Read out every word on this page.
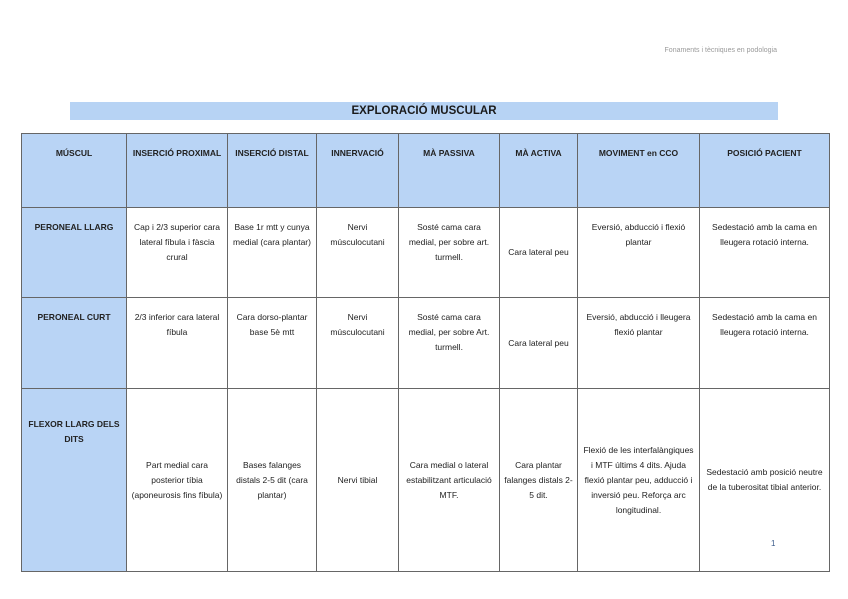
Fonaments i tècniques en podologia
EXPLORACIÓ MUSCULAR
MÚSCUL	INSERCIÓ PROXIMAL	INSERCIÓ DISTAL	INNERVACIÓ	MÀ PASSIVA	MÀ ACTIVA	MOVIMENT en CCO	POSICIÓ PACIENT
PERONEAL LLARG	Cap i 2/3 superior cara lateral fíbula i fàscia crural	Base 1r mtt y cunya medial (cara plantar)	Nervi músculocutani	Sosté cama cara medial, per sobre art. turmell.	Cara lateral peu	Eversió, abducció i flexió plantar	Sedestació amb la cama en lleugera rotació interna.
PERONEAL CURT	2/3 inferior cara lateral fíbula	Cara dorso-plantar base 5è mtt	Nervi músculocutani	Sosté cama cara medial, per sobre Art. turmell.	Cara lateral peu	Eversió, abducció i lleugera flexió plantar	Sedestació amb la cama en lleugera rotació interna.
FLEXOR LLARG DELS DITS	Part medial cara posterior tíbia (aponeurosis fins fíbula)	Bases falanges distals 2-5 dit (cara plantar)	Nervi tibial	Cara medial o lateral estabilitzant articulació MTF.	Cara plantar falanges distals 2-5 dit.	Flexió de les interfalàngiques i MTF últims 4 dits. Ajuda flexió plantar peu, adducció i inversió peu. Reforça arc longitudinal.	Sedestació amb posició neutre de la tuberositat tibial anterior.
1
